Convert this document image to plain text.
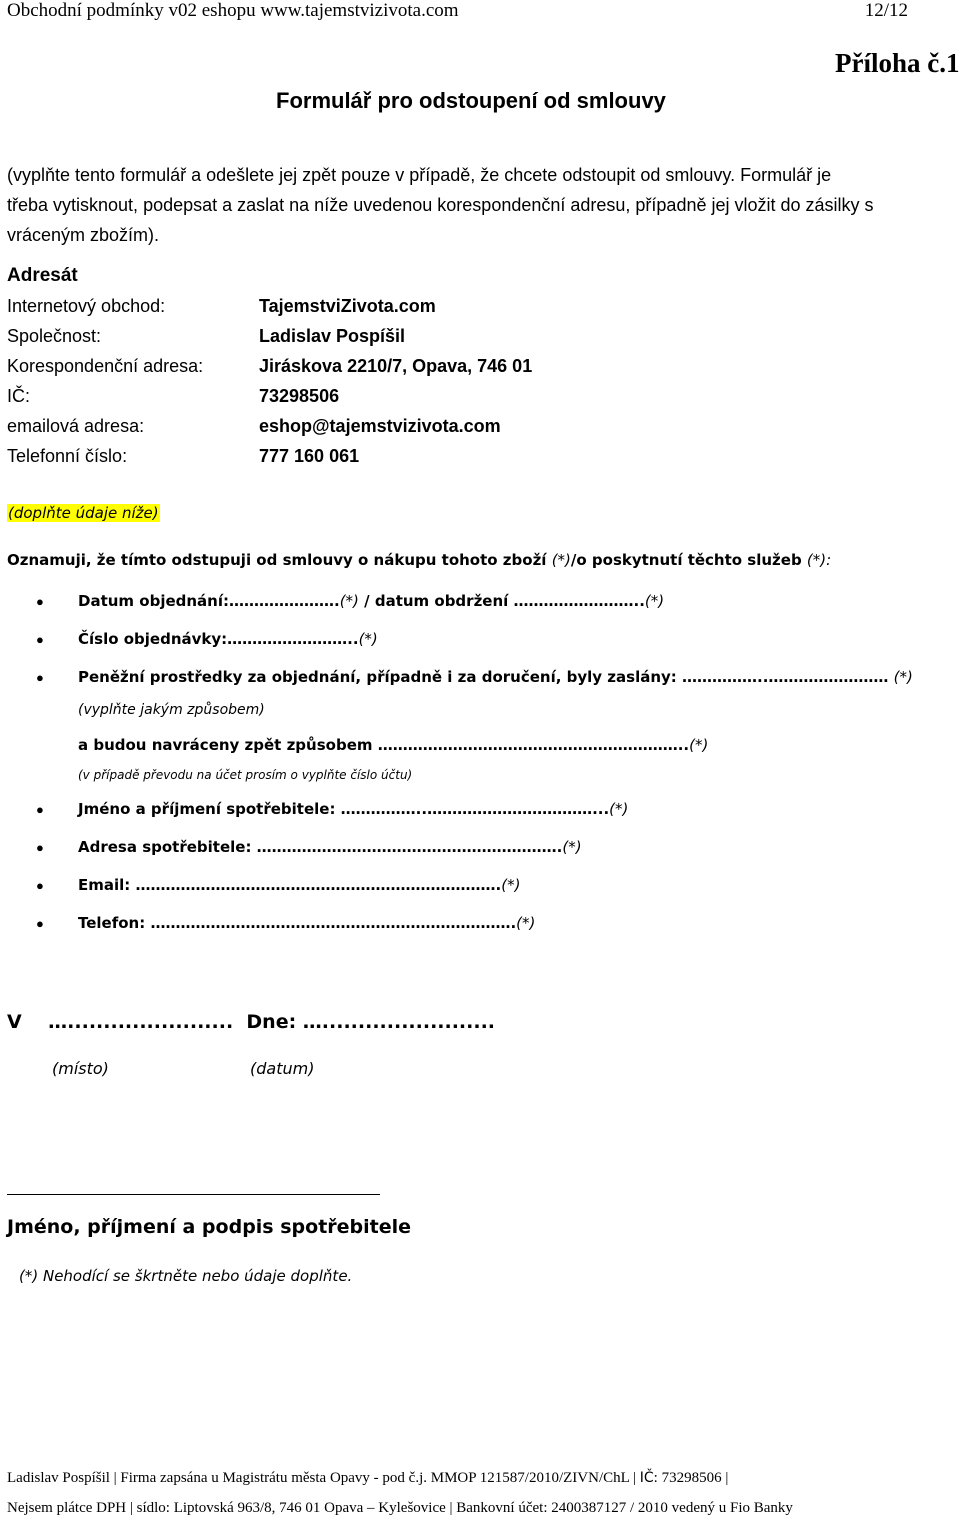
Obchodní podmínky v02 eshopu www.tajemstvizivota.com	12/12
Příloha č.1
Formulář pro odstoupení od smlouvy
(vyplňte tento formulář a odešlete jej zpět pouze v případě, že chcete odstoupit od smlouvy. Formulář je
třeba vytisknout, podepsat a zaslat na níže uvedenou korespondenční adresu, případně jej vložit do zásilky s
vráceným zbožím).
Adresát
Internetový obchod:	TajemstviZivota.com
Společnost:	Ladislav Pospíšil
Korespondenční adresa:	Jiráskova 2210/7, Opava, 746 01
IČ:	73298506
emailová adresa:	eshop@tajemstvizivota.com
Telefonní číslo:	777 160 061
(doplňte údaje níže)
Oznamuji, že tímto odstupuji od smlouvy o nákupu tohoto zboží (*)/o poskytnutí těchto služeb (*):
● Datum objednání:………………….(*) / datum obdržení ……………………..(*)
● Číslo objednávky:……………………..(*)
● Peněžní prostředky za objednání, případně i za doručení, byly zaslány: ……………..…………………… (*)
(vyplňte jakým způsobem)
a budou navráceny zpět způsobem ……………………………………………………..(*)
(v případě převodu na účet prosím o vyplňte číslo účtu)
● Jméno a příjmení spotřebitele: ……………..……………………………...(*)
● Adresa spotřebitele: …………………………………………………….(*)
● Email: ……………………………………………………………….(*)
● Telefon: ……………………………………………………………….(*)
V    ….......................  Dne: …........................
(místo)	(datum)
Jméno, příjmení a podpis spotřebitele
(*) Nehodící se škrtněte nebo údaje doplňte.
Ladislav Pospíšil | Firma zapsána u Magistrátu města Opavy - pod č.j. MMOP 121587/2010/ZIVN/ChL | IČ: 73298506 |
Nejsem plátce DPH | sídlo: Liptovská 963/8, 746 01 Opava – Kylešovice | Bankovní účet: 2400387127 / 2010 vedený u Fio Banky
